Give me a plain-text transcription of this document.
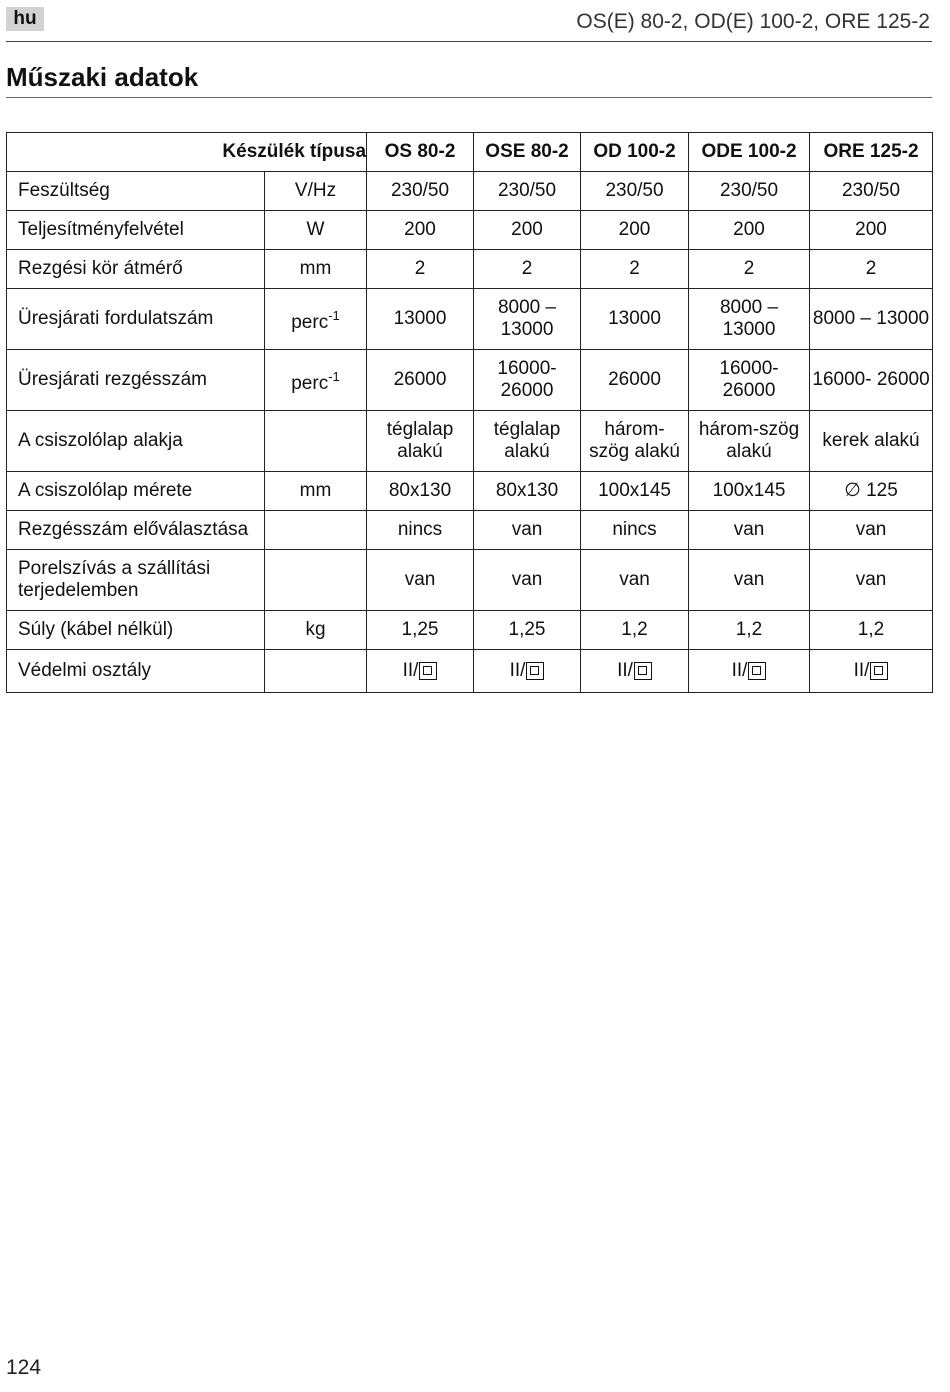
hu	OS(E) 80-2, OD(E) 100-2, ORE 125-2
Műszaki adatok
Készülék típusa		OS 80-2	OSE 80-2	OD 100-2	ODE 100-2	ORE 125-2
Feszültség	V/Hz	230/50	230/50	230/50	230/50	230/50
Teljesítményfelvétel	W	200	200	200	200	200
Rezgési kör átmérő	mm	2	2	2	2	2
Üresjárati fordulatszám	perc$^{-1}$	13000	8000 – 13000	13000	8000 – 13000	8000 – 13000
Üresjárati rezgésszám	perc$^{-1}$	26000	16000- 26000	26000	16000- 26000	16000- 26000
A csiszolólap alakja		téglalap alakú	téglalap alakú	három- szög alakú	három-szög alakú	kerek alakú
A csiszolólap mérete	mm	80x130	80x130	100x145	100x145	∅ 125
Rezgésszám előválasztása		nincs	van	nincs	van	van
Porelszívás a szállítási terjedelemben		van	van	van	van	van
Súly (kábel nélkül)	kg	1,25	1,25	1,2	1,2	1,2
Védelmi osztály		II/	II/	II/	II/	II/
124
